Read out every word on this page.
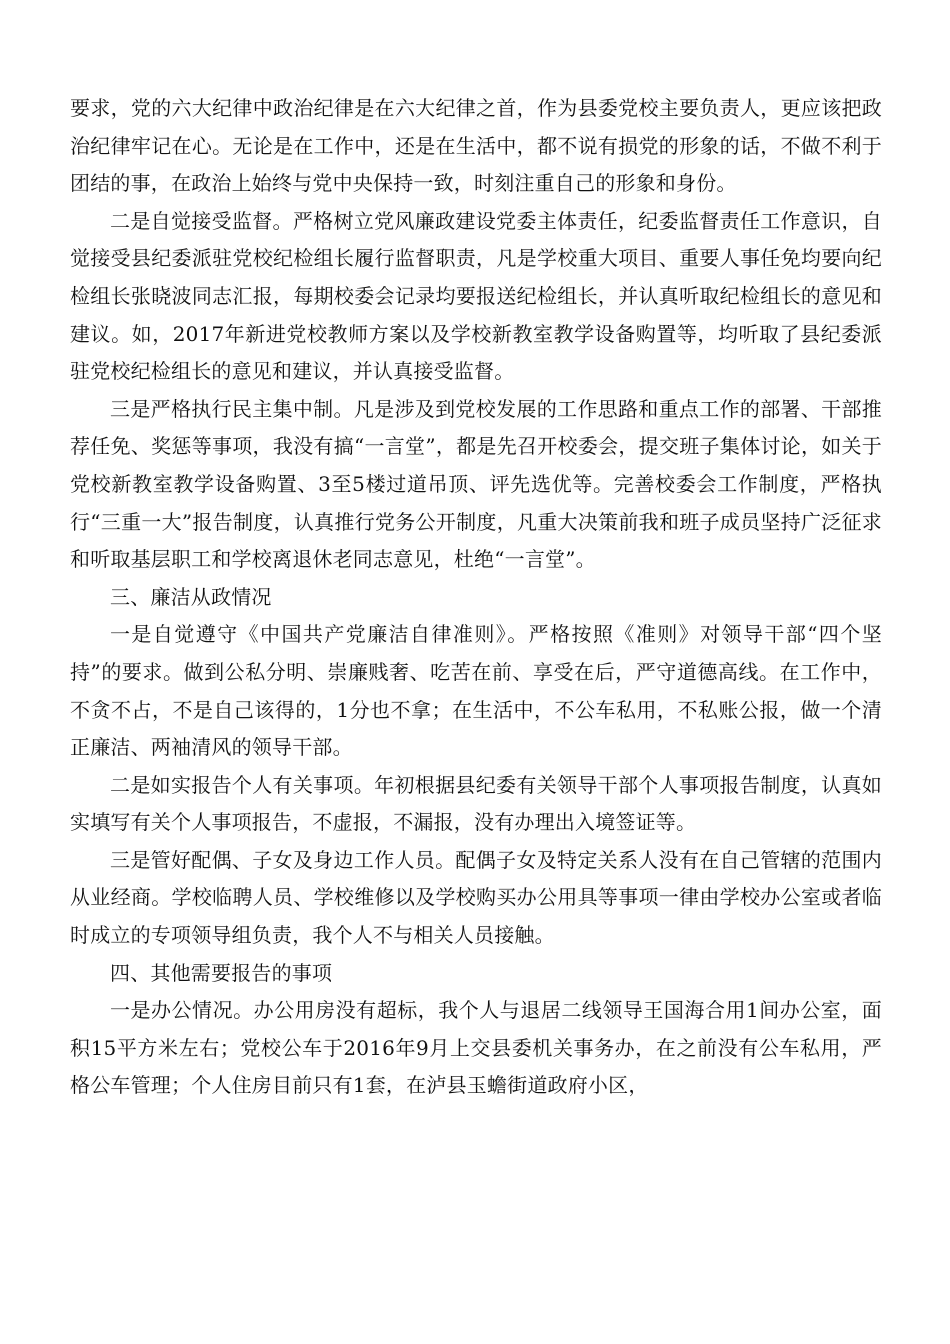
要求，党的六大纪律中政治纪律是在六大纪律之首，作为县委党校主要负责人，更应该把政治纪律牢记在心。无论是在工作中，还是在生活中，都不说有损党的形象的话，不做不利于团结的事，在政治上始终与党中央保持一致，时刻注重自己的形象和身份。

二是自觉接受监督。严格树立党风廉政建设党委主体责任，纪委监督责任工作意识，自觉接受县纪委派驻党校纪检组长履行监督职责，凡是学校重大项目、重要人事任免均要向纪检组长张晓波同志汇报，每期校委会记录均要报送纪检组长，并认真听取纪检组长的意见和建议。如，2017年新进党校教师方案以及学校新教室教学设备购置等，均听取了县纪委派驻党校纪检组长的意见和建议，并认真接受监督。

三是严格执行民主集中制。凡是涉及到党校发展的工作思路和重点工作的部署、干部推荐任免、奖惩等事项，我没有搞“一言堂”，都是先召开校委会，提交班子集体讨论，如关于党校新教室教学设备购置、3至5楼过道吊顶、评先选优等。完善校委会工作制度，严格执行“三重一大”报告制度，认真推行党务公开制度，凡重大决策前我和班子成员坚持广泛征求和听取基层职工和学校离退休老同志意见，杜绝“一言堂”。

三、廉洁从政情况

一是自觉遵守《中国共产党廉洁自律准则》。严格按照《准则》对领导干部“四个坚持”的要求。做到公私分明、崇廉贱奢、吃苦在前、享受在后，严守道德高线。在工作中，不贪不占，不是自己该得的，1分也不拿；在生活中，不公车私用，不私账公报，做一个清正廉洁、两袖清风的领导干部。

二是如实报告个人有关事项。年初根据县纪委有关领导干部个人事项报告制度，认真如实填写有关个人事项报告，不虚报，不漏报，没有办理出入境签证等。

三是管好配偶、子女及身边工作人员。配偶子女及特定关系人没有在自己管辖的范围内从业经商。学校临聘人员、学校维修以及学校购买办公用具等事项一律由学校办公室或者临时成立的专项领导组负责，我个人不与相关人员接触。

四、其他需要报告的事项

一是办公情况。办公用房没有超标，我个人与退居二线领导王国海合用1间办公室，面积15平方米左右；党校公车于2016年9月上交县委机关事务办，在之前没有公车私用，严格公车管理；个人住房目前只有1套，在泸县玉蟾街道政府小区，
